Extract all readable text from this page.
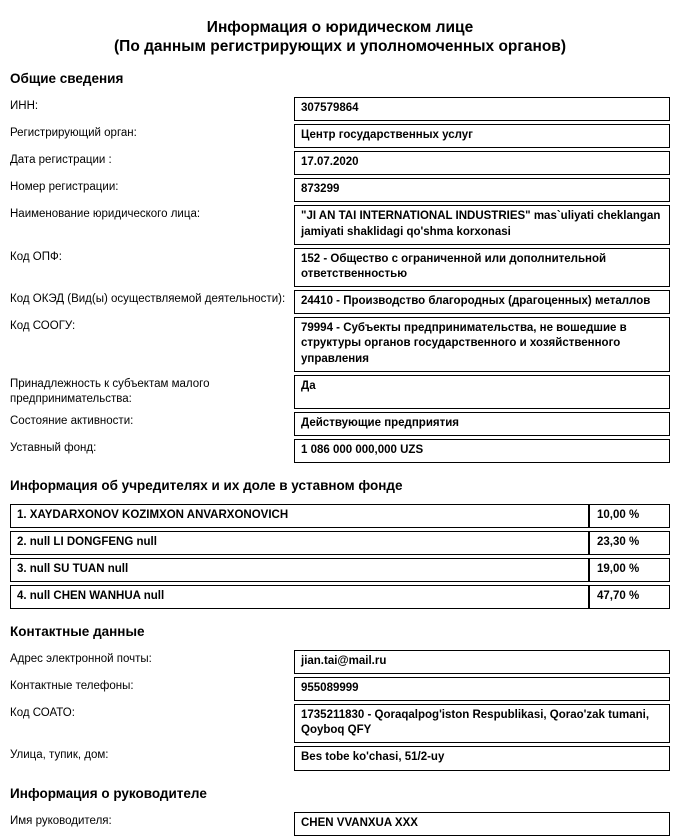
Информация о юридическом лице
(По данным регистрирующих и уполномоченных органов)
Общие сведения
ИНН:	307579864
Регистрирующий орган:	Центр государственных услуг
Дата регистрации :	17.07.2020
Номер регистрации:	873299
Наименование юридического лица:	"JI AN TAI INTERNATIONAL INDUSTRIES" mas`uliyati cheklangan jamiyati shaklidagi qo'shma korxonasi
Код ОПФ:	152 - Общество с ограниченной или дополнительной ответственностью
Код ОКЭД (Вид(ы) осуществляемой деятельности):	24410 - Производство благородных (драгоценных) металлов
Код СООГУ:	79994 - Субъекты предпринимательства, не вошедшие в структуры органов государственного и хозяйственного управления
Принадлежность к субъектам малого предпринимательства:	Да
Состояние активности:	Действующие предприятия
Уставный фонд:	1 086 000 000,000 UZS
Информация об учредителях и их доле в уставном фонде
1. XAYDARXONOV KOZIMXON ANVARXONOVICH	10,00 %
2. null LI DONGFENG null	23,30 %
3. null SU TUAN null	19,00 %
4. null CHEN WANHUA null	47,70 %
Контактные данные
Адрес электронной почты:	jian.tai@mail.ru
Контактные телефоны:	955089999
Код СОАТО:	1735211830 - Qoraqalpog'iston Respublikasi, Qorao'zak tumani, Qoyboq QFY
Улица, тупик, дом:	Bes tobe ko'chasi, 51/2-uy
Информация о руководителе
Имя руководителя:	CHEN VVANXUA XXX
